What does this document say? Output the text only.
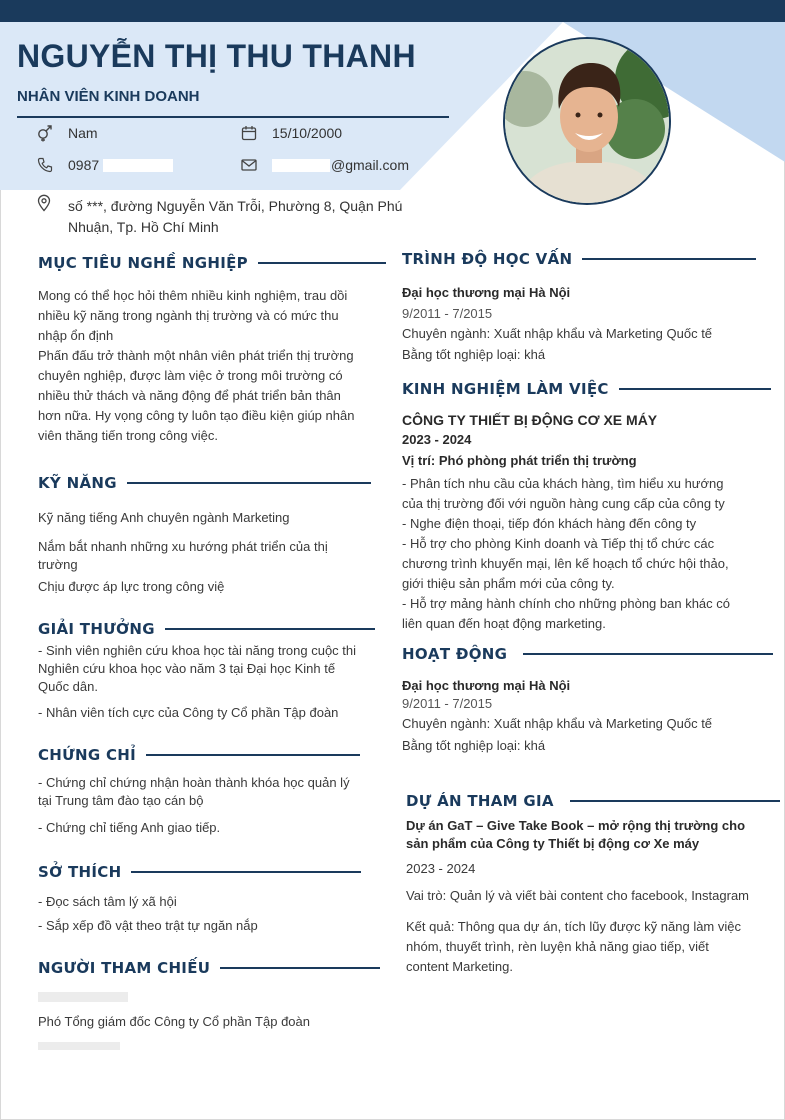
NGUYỄN THỊ THU THANH
NHÂN VIÊN KINH DOANH
Nam	15/10/2000
0987	@gmail.com
số ***, đường Nguyễn Văn Trỗi, Phường 8, Quận Phú Nhuận, Tp. Hồ Chí Minh
MỤC TIÊU NGHỀ NGHIỆP
Mong có thể học hỏi thêm nhiều kinh nghiệm, trau dồi nhiều kỹ năng trong ngành thị trường và có mức thu nhập ổn định
Phấn đấu trở thành một nhân viên phát triển thị trường chuyên nghiệp, được làm việc ở trong môi trường có nhiều thử thách và năng động để phát triển bản thân hơn nữa. Hy vọng công ty luôn tạo điều kiện giúp nhân viên thăng tiến trong công việc.
KỸ NĂNG
Kỹ năng tiếng Anh chuyên ngành Marketing
Nắm bắt nhanh những xu hướng phát triển của thị trường
Chịu được áp lực trong công việ
GIẢI THƯỞNG
- Sinh viên nghiên cứu khoa học tài năng trong cuộc thi Nghiên cứu khoa học vào năm 3 tại Đại học Kinh tế Quốc dân.
- Nhân viên tích cực của Công ty Cổ phần Tập đoàn
CHỨNG CHỈ
- Chứng chỉ chứng nhận hoàn thành khóa học quản lý tại Trung tâm đào tạo cán bộ
- Chứng chỉ tiếng Anh giao tiếp.
SỞ THÍCH
- Đọc sách tâm lý xã hội
- Sắp xếp đồ vật theo trật tự ngăn nắp
NGƯỜI THAM CHIẾU
Phó Tổng giám đốc Công ty Cổ phần Tập đoàn
TRÌNH ĐỘ HỌC VẤN
Đại học thương mại Hà Nội
9/2011 - 7/2015
Chuyên ngành: Xuất nhập khẩu và Marketing Quốc tế
Bằng tốt nghiệp loại: khá
KINH NGHIỆM LÀM VIỆC
CÔNG TY THIẾT BỊ ĐỘNG CƠ XE MÁY
2023 - 2024
Vị trí: Phó phòng phát triển thị trường
- Phân tích nhu cầu của khách hàng, tìm hiểu xu hướng của thị trường đối với nguồn hàng cung cấp của công ty
- Nghe điện thoại, tiếp đón khách hàng đến công ty
- Hỗ trợ cho phòng Kinh doanh và Tiếp thị tổ chức các chương trình khuyến mại, lên kế hoạch tổ chức hội thảo, giới thiệu sản phẩm mới của công ty.
- Hỗ trợ mảng hành chính cho những phòng ban khác có liên quan đến hoạt động marketing.
HOẠT ĐỘNG
Đại học thương mại Hà Nội
9/2011 - 7/2015
Chuyên ngành: Xuất nhập khẩu và Marketing Quốc tế
Bằng tốt nghiệp loại: khá
DỰ ÁN THAM GIA
Dự án GaT – Give Take Book – mở rộng thị trường cho sản phẩm của Công ty Thiết bị động cơ Xe máy
2023 - 2024
Vai trò: Quản lý và viết bài content cho facebook, Instagram
Kết quả: Thông qua dự án, tích lũy được kỹ năng làm việc nhóm, thuyết trình, rèn luyện khả năng giao tiếp, viết content Marketing.
